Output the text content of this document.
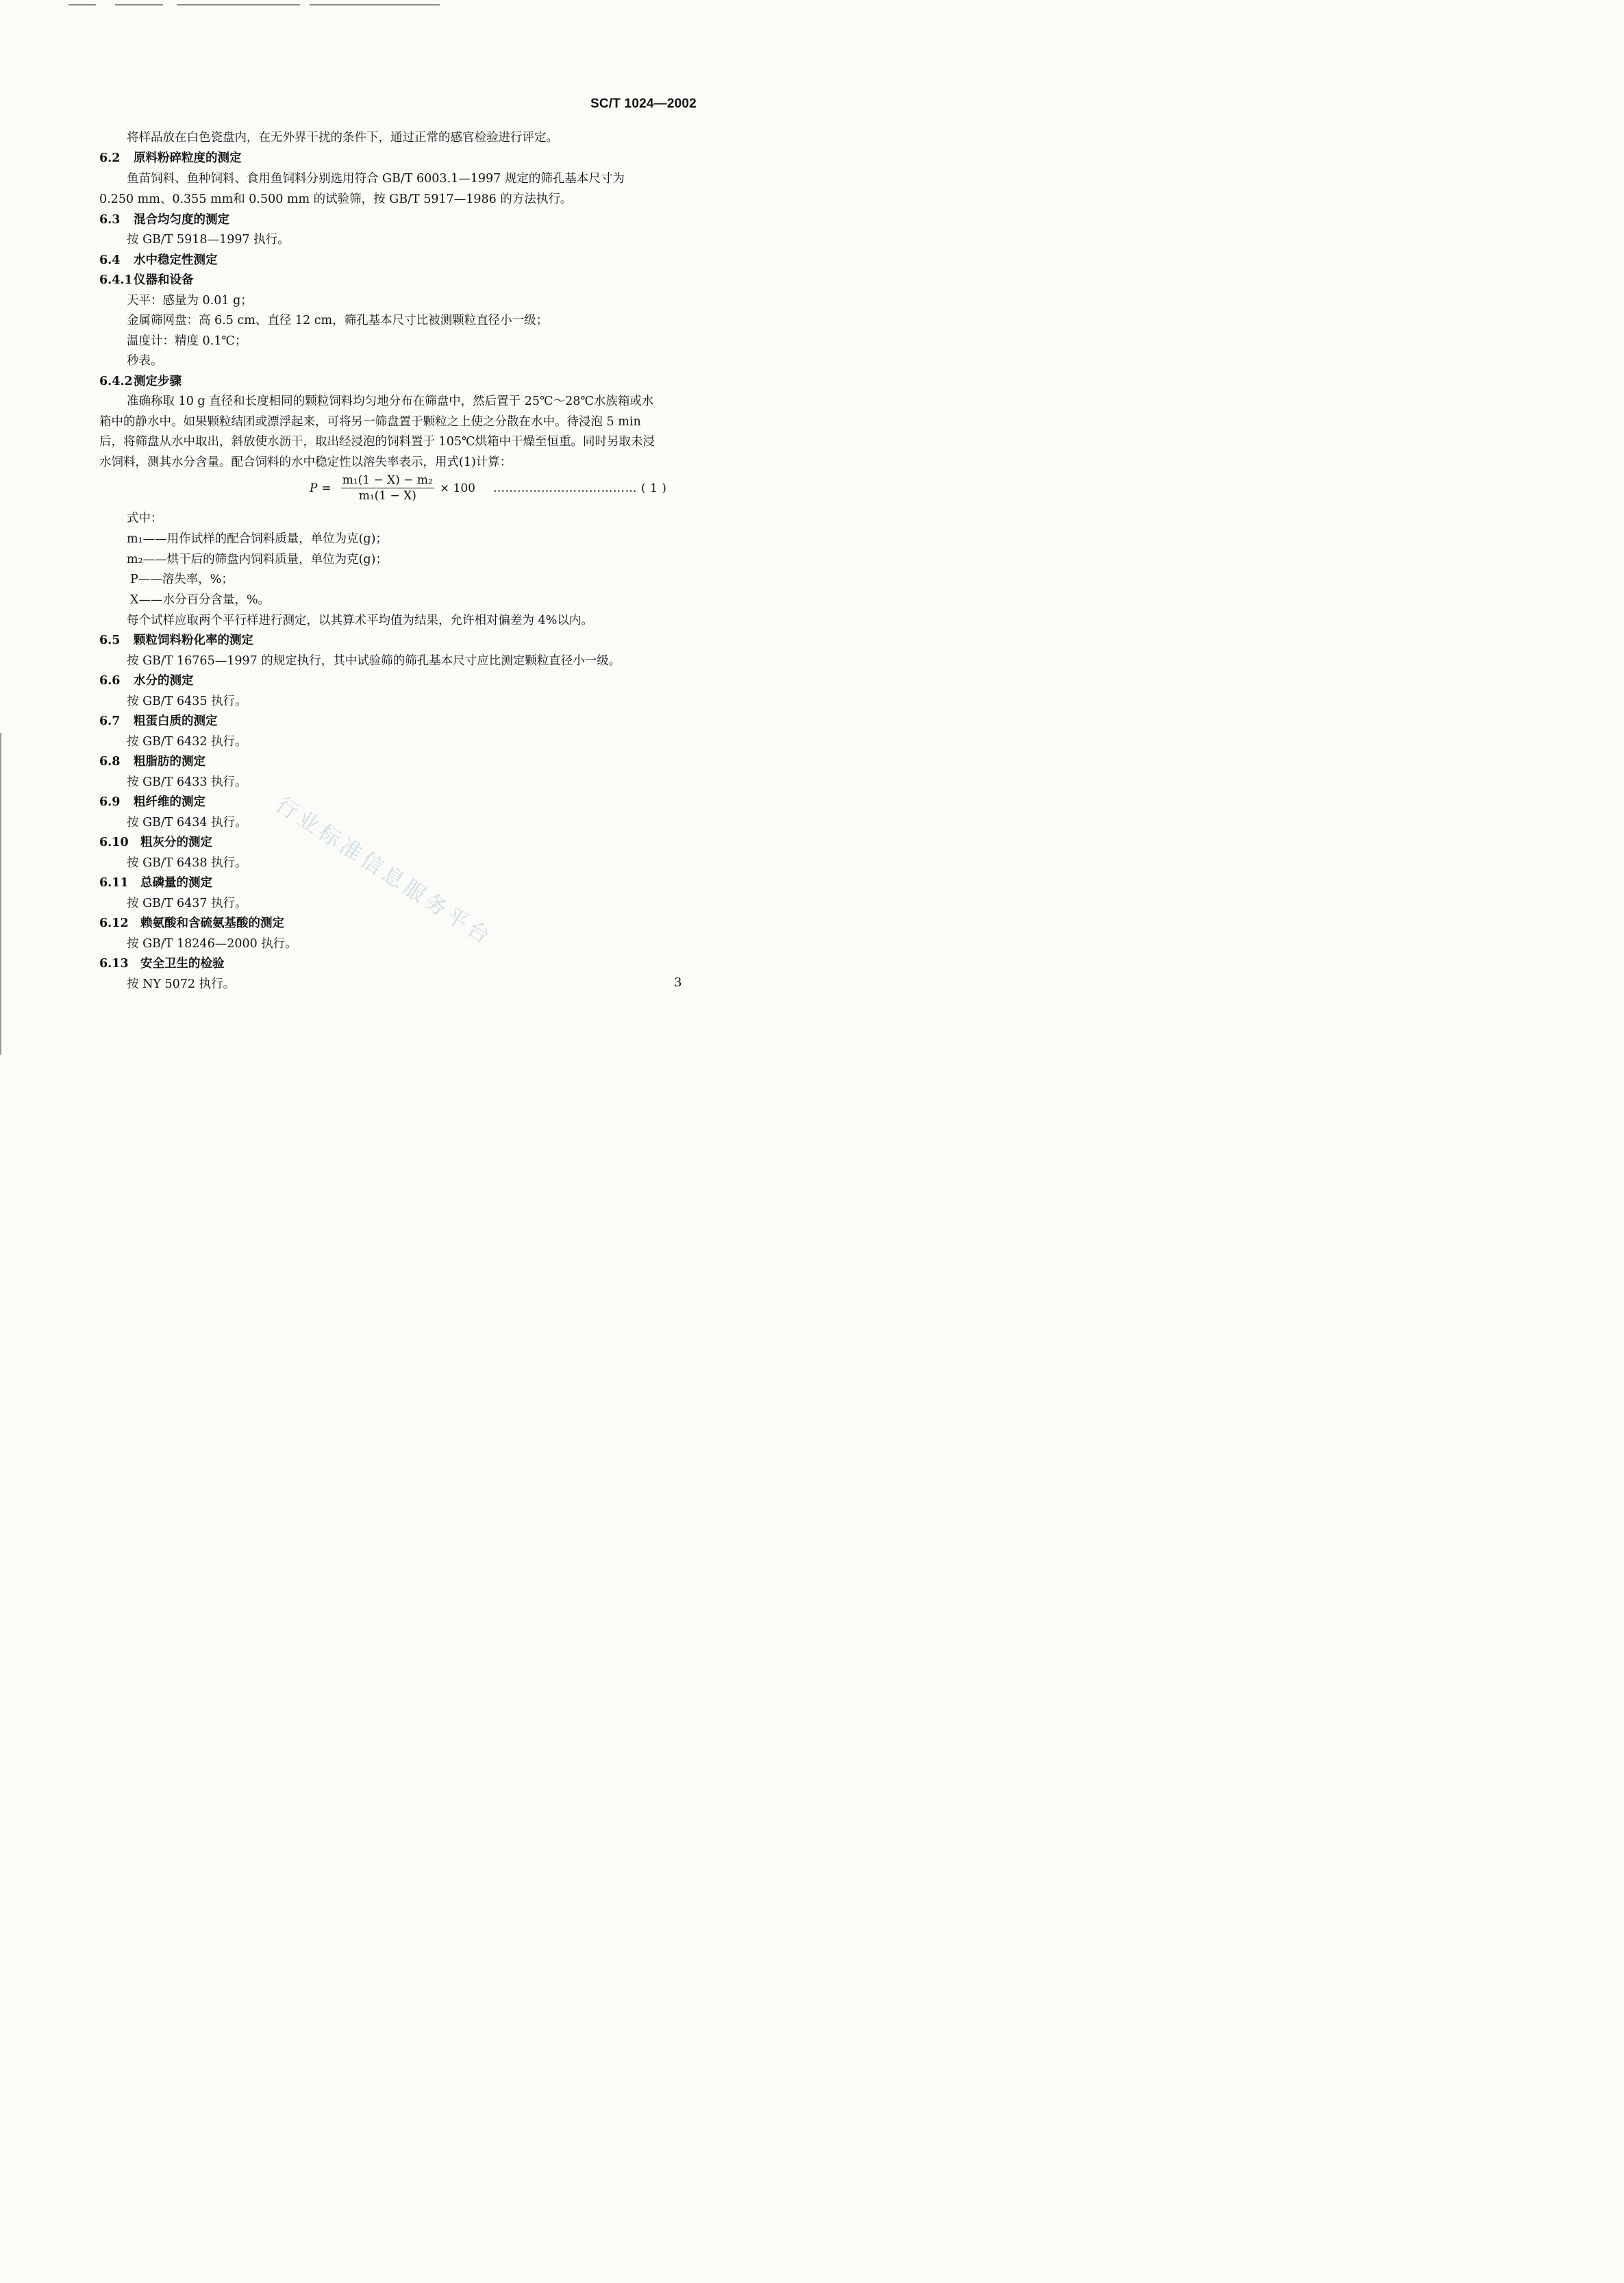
SC/T 1024—2002
将样品放在白色瓷盘内，在无外界干扰的条件下，通过正常的感官检验进行评定。
6.2 原料粉碎粒度的测定
鱼苗饲料、鱼种饲料、食用鱼饲料分别选用符合 GB/T 6003.1—1997 规定的筛孔基本尺寸为
0.250 mm、0.355 mm和 0.500 mm 的试验筛，按 GB/T 5917—1986 的方法执行。
6.3 混合均匀度的测定
按 GB/T 5918—1997 执行。
6.4 水中稳定性测定
6.4.1仪器和设备
天平：感量为 0.01 g；
金属筛网盘：高 6.5 cm、直径 12 cm，筛孔基本尺寸比被测颗粒直径小一级；
温度计：精度 0.1℃；
秒表。
6.4.2测定步骤
准确称取 10 g 直径和长度相同的颗粒饲料均匀地分布在筛盘中，然后置于 25℃～28℃水族箱或水
箱中的静水中。如果颗粒结团或漂浮起来，可将另一筛盘置于颗粒之上使之分散在水中。待浸泡 5 min
后，将筛盘从水中取出，斜放使水沥干，取出经浸泡的饲料置于 105℃烘箱中干燥至恒重。同时另取未浸
水饲料，测其水分含量。配合饲料的水中稳定性以溶失率表示，用式(1)计算：
$P = \frac{\text{m₁(1 − X) − m₂}}{\text{m₁(1 − X)}} \times 100$ ……………………………… ( 1 )
式中：
m₁——用作试样的配合饲料质量，单位为克(g)；
m₂——烘干后的筛盘内饲料质量，单位为克(g)；
P——溶失率，%；
X——水分百分含量，%。
每个试样应取两个平行样进行测定，以其算术平均值为结果，允许相对偏差为 4%以内。
6.5 颗粒饲料粉化率的测定
按 GB/T 16765—1997 的规定执行，其中试验筛的筛孔基本尺寸应比测定颗粒直径小一级。
6.6 水分的测定
按 GB/T 6435 执行。
6.7 粗蛋白质的测定
按 GB/T 6432 执行。
6.8 粗脂肪的测定
按 GB/T 6433 执行。
6.9 粗纤维的测定
按 GB/T 6434 执行。
6.10 粗灰分的测定
按 GB/T 6438 执行。
6.11 总磷量的测定
按 GB/T 6437 执行。
6.12 赖氨酸和含硫氨基酸的测定
按 GB/T 18246—2000 执行。
6.13 安全卫生的检验
按 NY 5072 执行。	3
行业标准信息服务平台
